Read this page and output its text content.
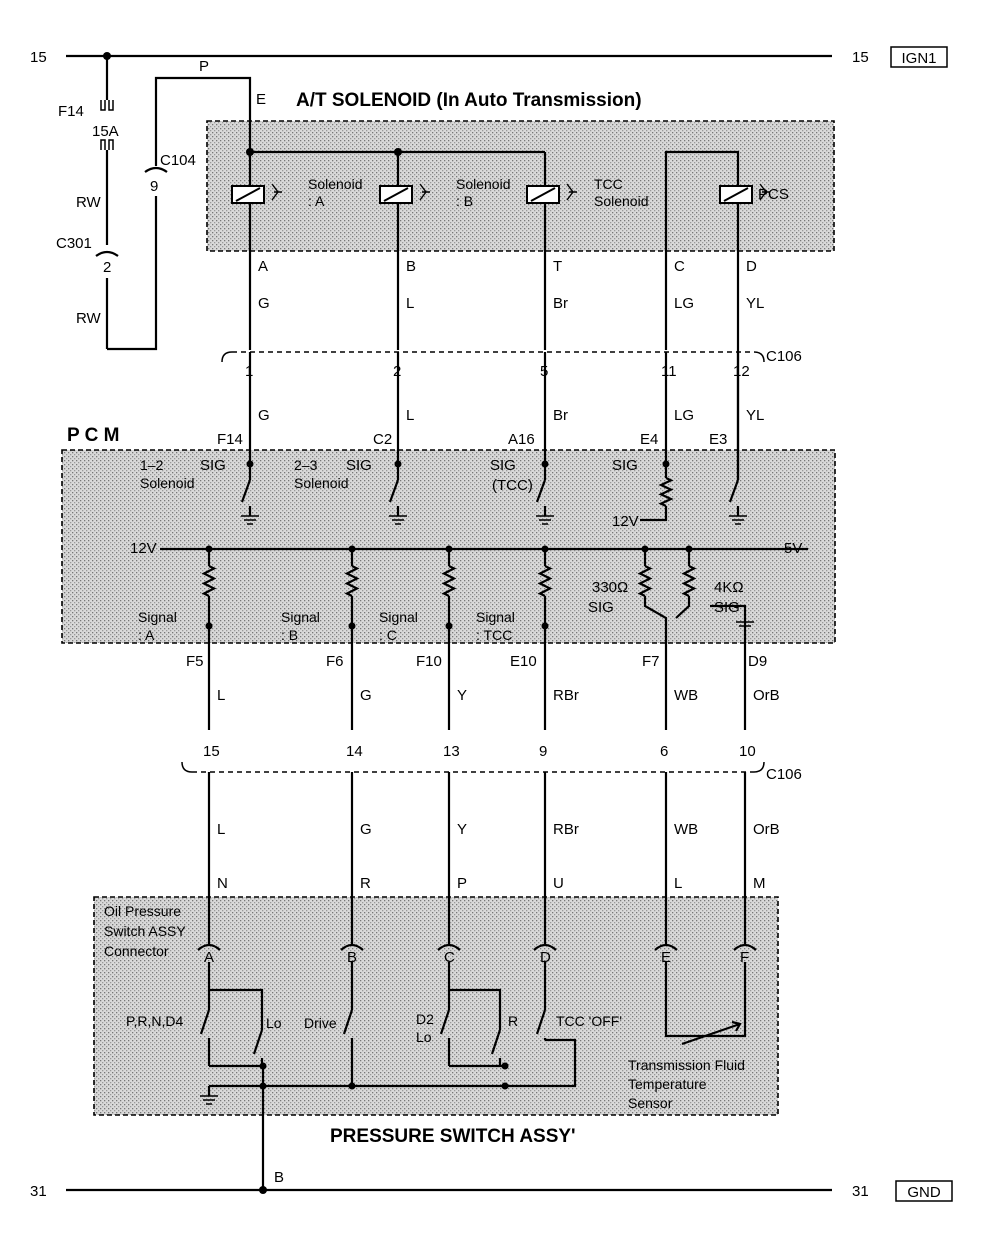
15	15 IGN1
31	31	GND
B
F14
15A
RW
C301
2
RW
C104
9
P
E A/T SOLENOID (In Auto Transmission)
Solenoid : B
TCC Solenoid	PCS
A	B	T	C	D
G	L	Br	LG	YL
1	2	5	11	12
Solenoid : A
C106
P C M
12V	5V
G	L	Br	LG	YL
F14	C2	A16	E4	E3
SIG	SIG	SIG	SIG
1–2 Solenoid
2–3 Solenoid	(TCC)
12V
Signal : A
Signal : B
Signal : C
Signal : TCC
330Ω	4KΩ
SIG	SIG
F5	F6	F10	E10	F7	D9
L	G	Y	RBr	WB	OrB
15	14	13	9	6	10
C106
PRESSURE SWITCH ASSY'
L	G	Y	RBr	WB	OrB
N	R	P	U	L	M
Oil Pressure Switch ASSY Connector	A	B	C	D	E	F
P,R,N,D4	Lo Drive	D2 Lo
R	TCC 'OFF'
Transmission Fluid Temperature Sensor
